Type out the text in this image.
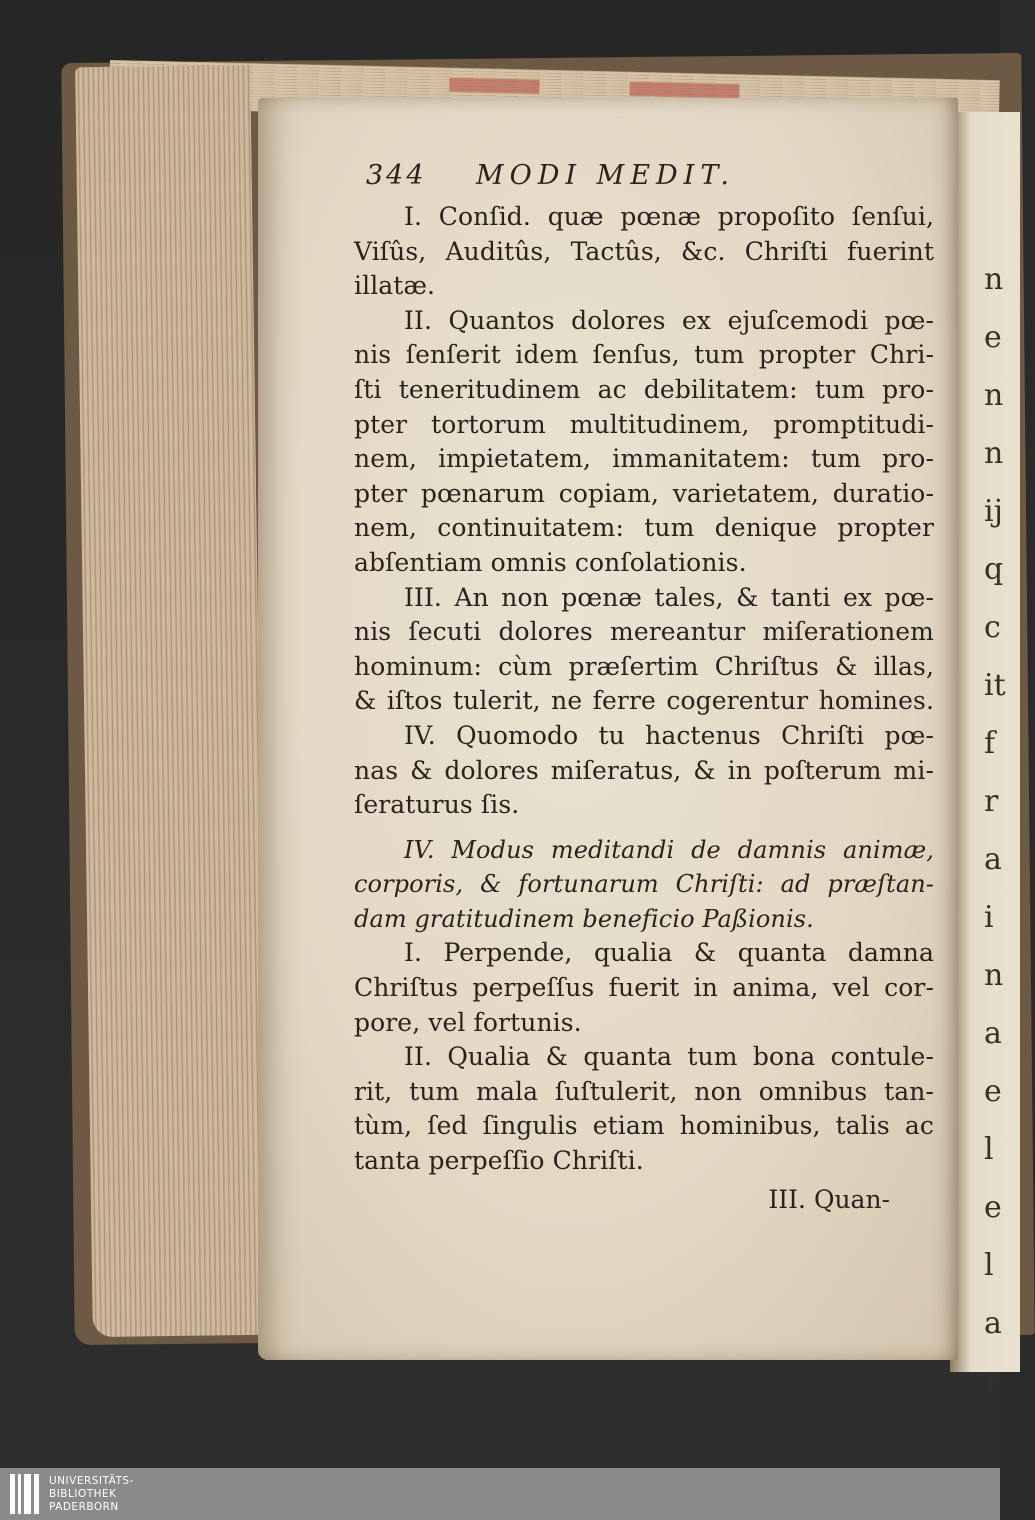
n
e
n
n
ij
q
c
it
f
r
a
i
n
a
e
l
e
l
a
r
344	MODI MEDIT.
I. Conſid. quæ pœnæ propoſito ſenſui,
Viſûs, Auditûs, Tactûs, &c. Chriſti fuerint
illatæ.
II. Quantos dolores ex ejuſcemodi pœ-
nis ſenſerit idem ſenſus, tum propter Chri-
ſti teneritudinem ac debilitatem: tum pro-
pter tortorum multitudinem, promptitudi-
nem, impietatem, immanitatem: tum pro-
pter pœnarum copiam, varietatem, duratio-
nem, continuitatem: tum denique propter
abſentiam omnis conſolationis.
III. An non pœnæ tales, & tanti ex pœ-
nis ſecuti dolores mereantur miſerationem
hominum: cùm præſertim Chriſtus & illas,
& iſtos tulerit, ne ferre cogerentur homines.
IV. Quomodo tu hactenus Chriſti pœ-
nas & dolores miſeratus, & in poſterum mi-
ſeraturus ſis.
IV. Modus meditandi de damnis animæ,
corporis, & fortunarum Chriſti: ad præſtan-
dam gratitudinem beneficio Paßionis.
I. Perpende, qualia & quanta damna
Chriſtus perpeſſus fuerit in anima, vel cor-
pore, vel fortunis.
II. Qualia & quanta tum bona contule-
rit, tum mala ſuſtulerit, non omnibus tan-
tùm, ſed ſingulis etiam hominibus, talis ac
tanta perpeſſio Chriſti.
III. Quan-
UNIVERSITÄTS-
BIBLIOTHEK
PADERBORN
